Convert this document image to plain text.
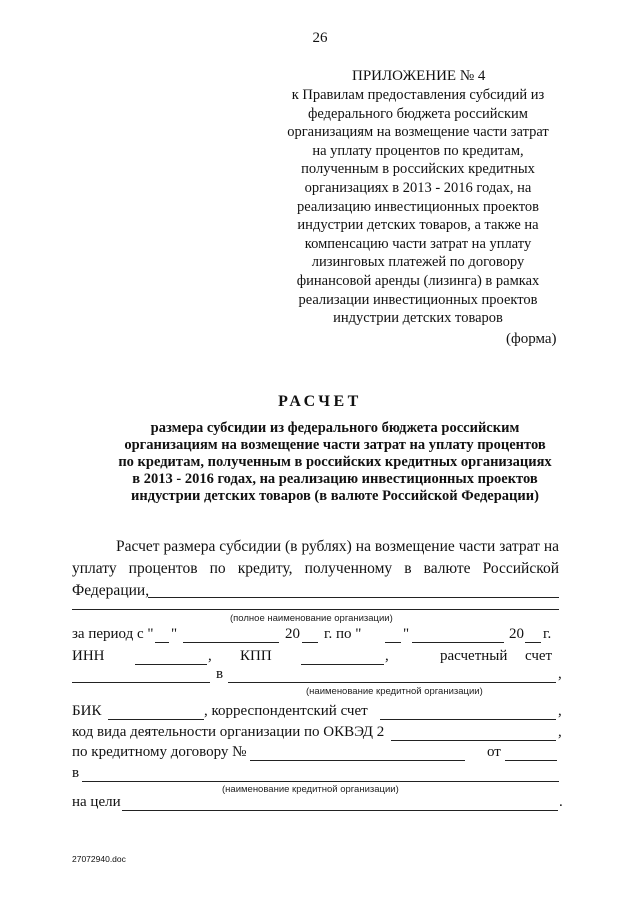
26
ПРИЛОЖЕНИЕ № 4
к Правилам предоставления субсидий из
федерального бюджета российским
организациям на возмещение части затрат
на уплату процентов по кредитам,
полученным в российских кредитных
организациях в 2013 - 2016 годах, на
реализацию инвестиционных проектов
индустрии детских товаров, а также на
компенсацию части затрат на уплату
лизинговых платежей по договору
финансовой аренды (лизинга) в рамках
реализации инвестиционных проектов
индустрии детских товаров
(форма)
РАСЧЕТ
размера субсидии из федерального бюджета российским
организациям на возмещение части затрат на уплату процентов
по кредитам, полученным в российских кредитных организациях
в 2013 - 2016 годах, на реализацию инвестиционных проектов
индустрии детских товаров (в валюте Российской Федерации)
Расчет размера субсидии (в рублях) на возмещение части затрат на уплату процентов по кредиту, полученному в валюте Российской Федерации,
(полное наименование организации)
за период с " "	20 г. по "	"	20 г.
ИНН	, КПП	,	расчетный счет
в	,
(наименование кредитной организации)
БИК	, корреспондентский счет	,
код вида деятельности организации по ОКВЭД 2	,
по кредитному договору №	от
в
(наименование кредитной организации)
на цели	.
27072940.doc
